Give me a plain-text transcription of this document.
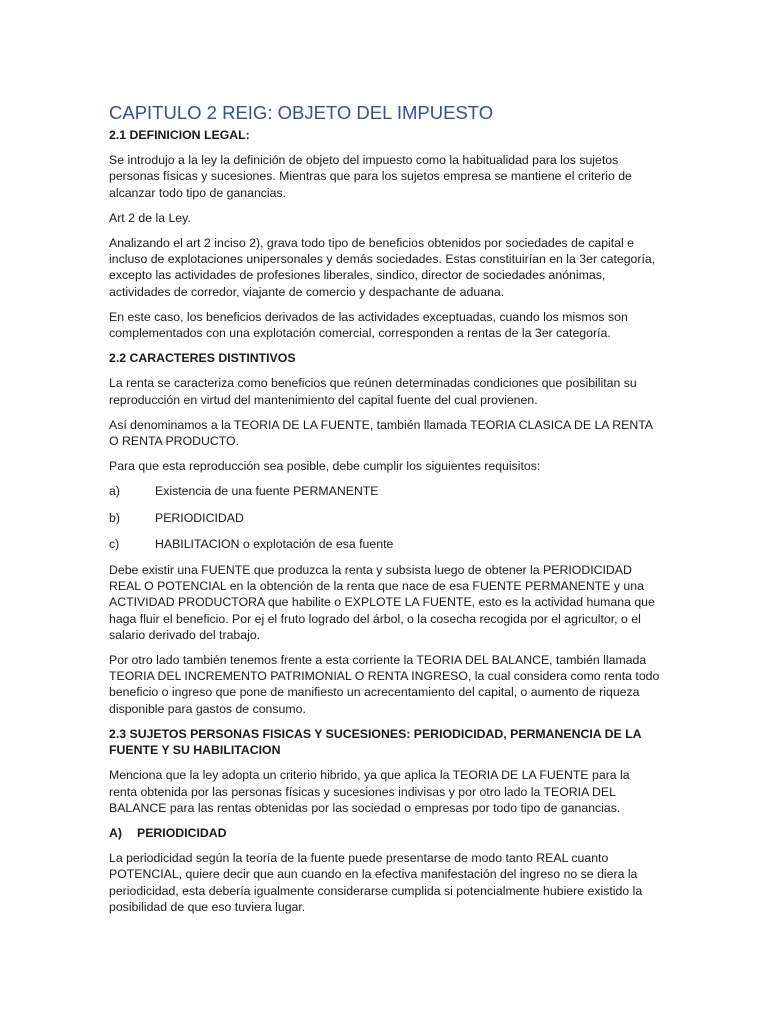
CAPITULO 2 REIG: OBJETO DEL IMPUESTO
2.1 DEFINICION LEGAL:

Se introdujo a la ley la definición de objeto del impuesto como la habitualidad para los sujetos personas físicas y sucesiones. Mientras que para los sujetos empresa se mantiene el criterio de alcanzar todo tipo de ganancias.

Art 2 de la Ley.

Analizando el art 2 inciso 2), grava todo tipo de beneficios obtenidos por sociedades de capital e incluso de explotaciones unipersonales y demás sociedades. Estas constituirían en la 3er categoría, excepto las actividades de profesiones liberales, sindico, director de sociedades anónimas, actividades de corredor, viajante de comercio y despachante de aduana.

En este caso, los beneficios derivados de las actividades exceptuadas, cuando los mismos son complementados con una explotación comercial, corresponden a rentas de la 3er categoría.

2.2 CARACTERES DISTINTIVOS

La renta se caracteriza como beneficios que reúnen determinadas condiciones que posibilitan su reproducción en virtud del mantenimiento del capital fuente del cual provienen.

Así denominamos a la TEORIA DE LA FUENTE, también llamada TEORIA CLASICA DE LA RENTA O RENTA PRODUCTO.

Para que esta reproducción sea posible, debe cumplir los siguientes requisitos:

a)	Existencia de una fuente PERMANENTE
b)	PERIODICIDAD
c)	HABILITACION o explotación de esa fuente

Debe existir una FUENTE que produzca la renta y subsista luego de obtener la PERIODICIDAD REAL O POTENCIAL en la obtención de la renta que nace de esa FUENTE PERMANENTE y una ACTIVIDAD PRODUCTORA que habilite o EXPLOTE LA FUENTE, esto es la actividad humana que haga fluir el beneficio. Por ej el fruto logrado del árbol, o la cosecha recogida por el agricultor, o el salario derivado del trabajo.

Por otro lado también tenemos frente a esta corriente la TEORIA DEL BALANCE, también llamada TEORIA DEL INCREMENTO PATRIMONIAL O RENTA INGRESO, la cual considera como renta todo beneficio o ingreso que pone de manifiesto un acrecentamiento del capital, o aumento de riqueza disponible para gastos de consumo.

2.3 SUJETOS PERSONAS FISICAS Y SUCESIONES: PERIODICIDAD, PERMANENCIA DE LA FUENTE Y SU HABILITACION

Menciona que la ley adopta un criterio hibrido, ya que aplica la TEORIA DE LA FUENTE para la renta obtenida por las personas físicas y sucesiones indivisas y por otro lado la TEORIA DEL BALANCE para las rentas obtenidas por las sociedad o empresas por todo tipo de ganancias.

A) PERIODICIDAD

La periodicidad según la teoría de la fuente puede presentarse de modo tanto REAL cuanto POTENCIAL, quiere decir que aun cuando en la efectiva manifestación del ingreso no se diera la periodicidad, esta debería igualmente considerarse cumplida si potencialmente hubiere existido la posibilidad de que eso tuviera lugar.
